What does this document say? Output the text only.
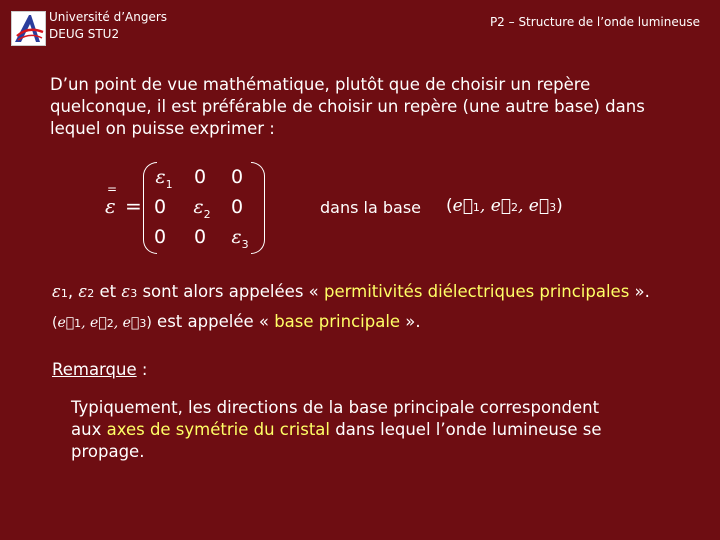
Université d’Angers
DEUG STU2
P2 – Structure de l’onde lumineuse

D’un point de vue mathématique, plutôt que de choisir un repère quelconque, il est préférable de choisir un repère (une autre base) dans lequel on puisse exprimer :

=
ε =
$\varepsilon_1$	0	0
0	$\varepsilon_2$	0
0	0	$\varepsilon_3$
dans la base (e⃗1, e⃗2, e⃗3)
ε1, ε2 et ε3 sont alors appelées « permitivités diélectriques principales ».
(e⃗1, e⃗2, e⃗3) est appelée « base principale ».
Remarque :

Typiquement, les directions de la base principale correspondent aux axes de symétrie du cristal dans lequel l’onde lumineuse se propage.
